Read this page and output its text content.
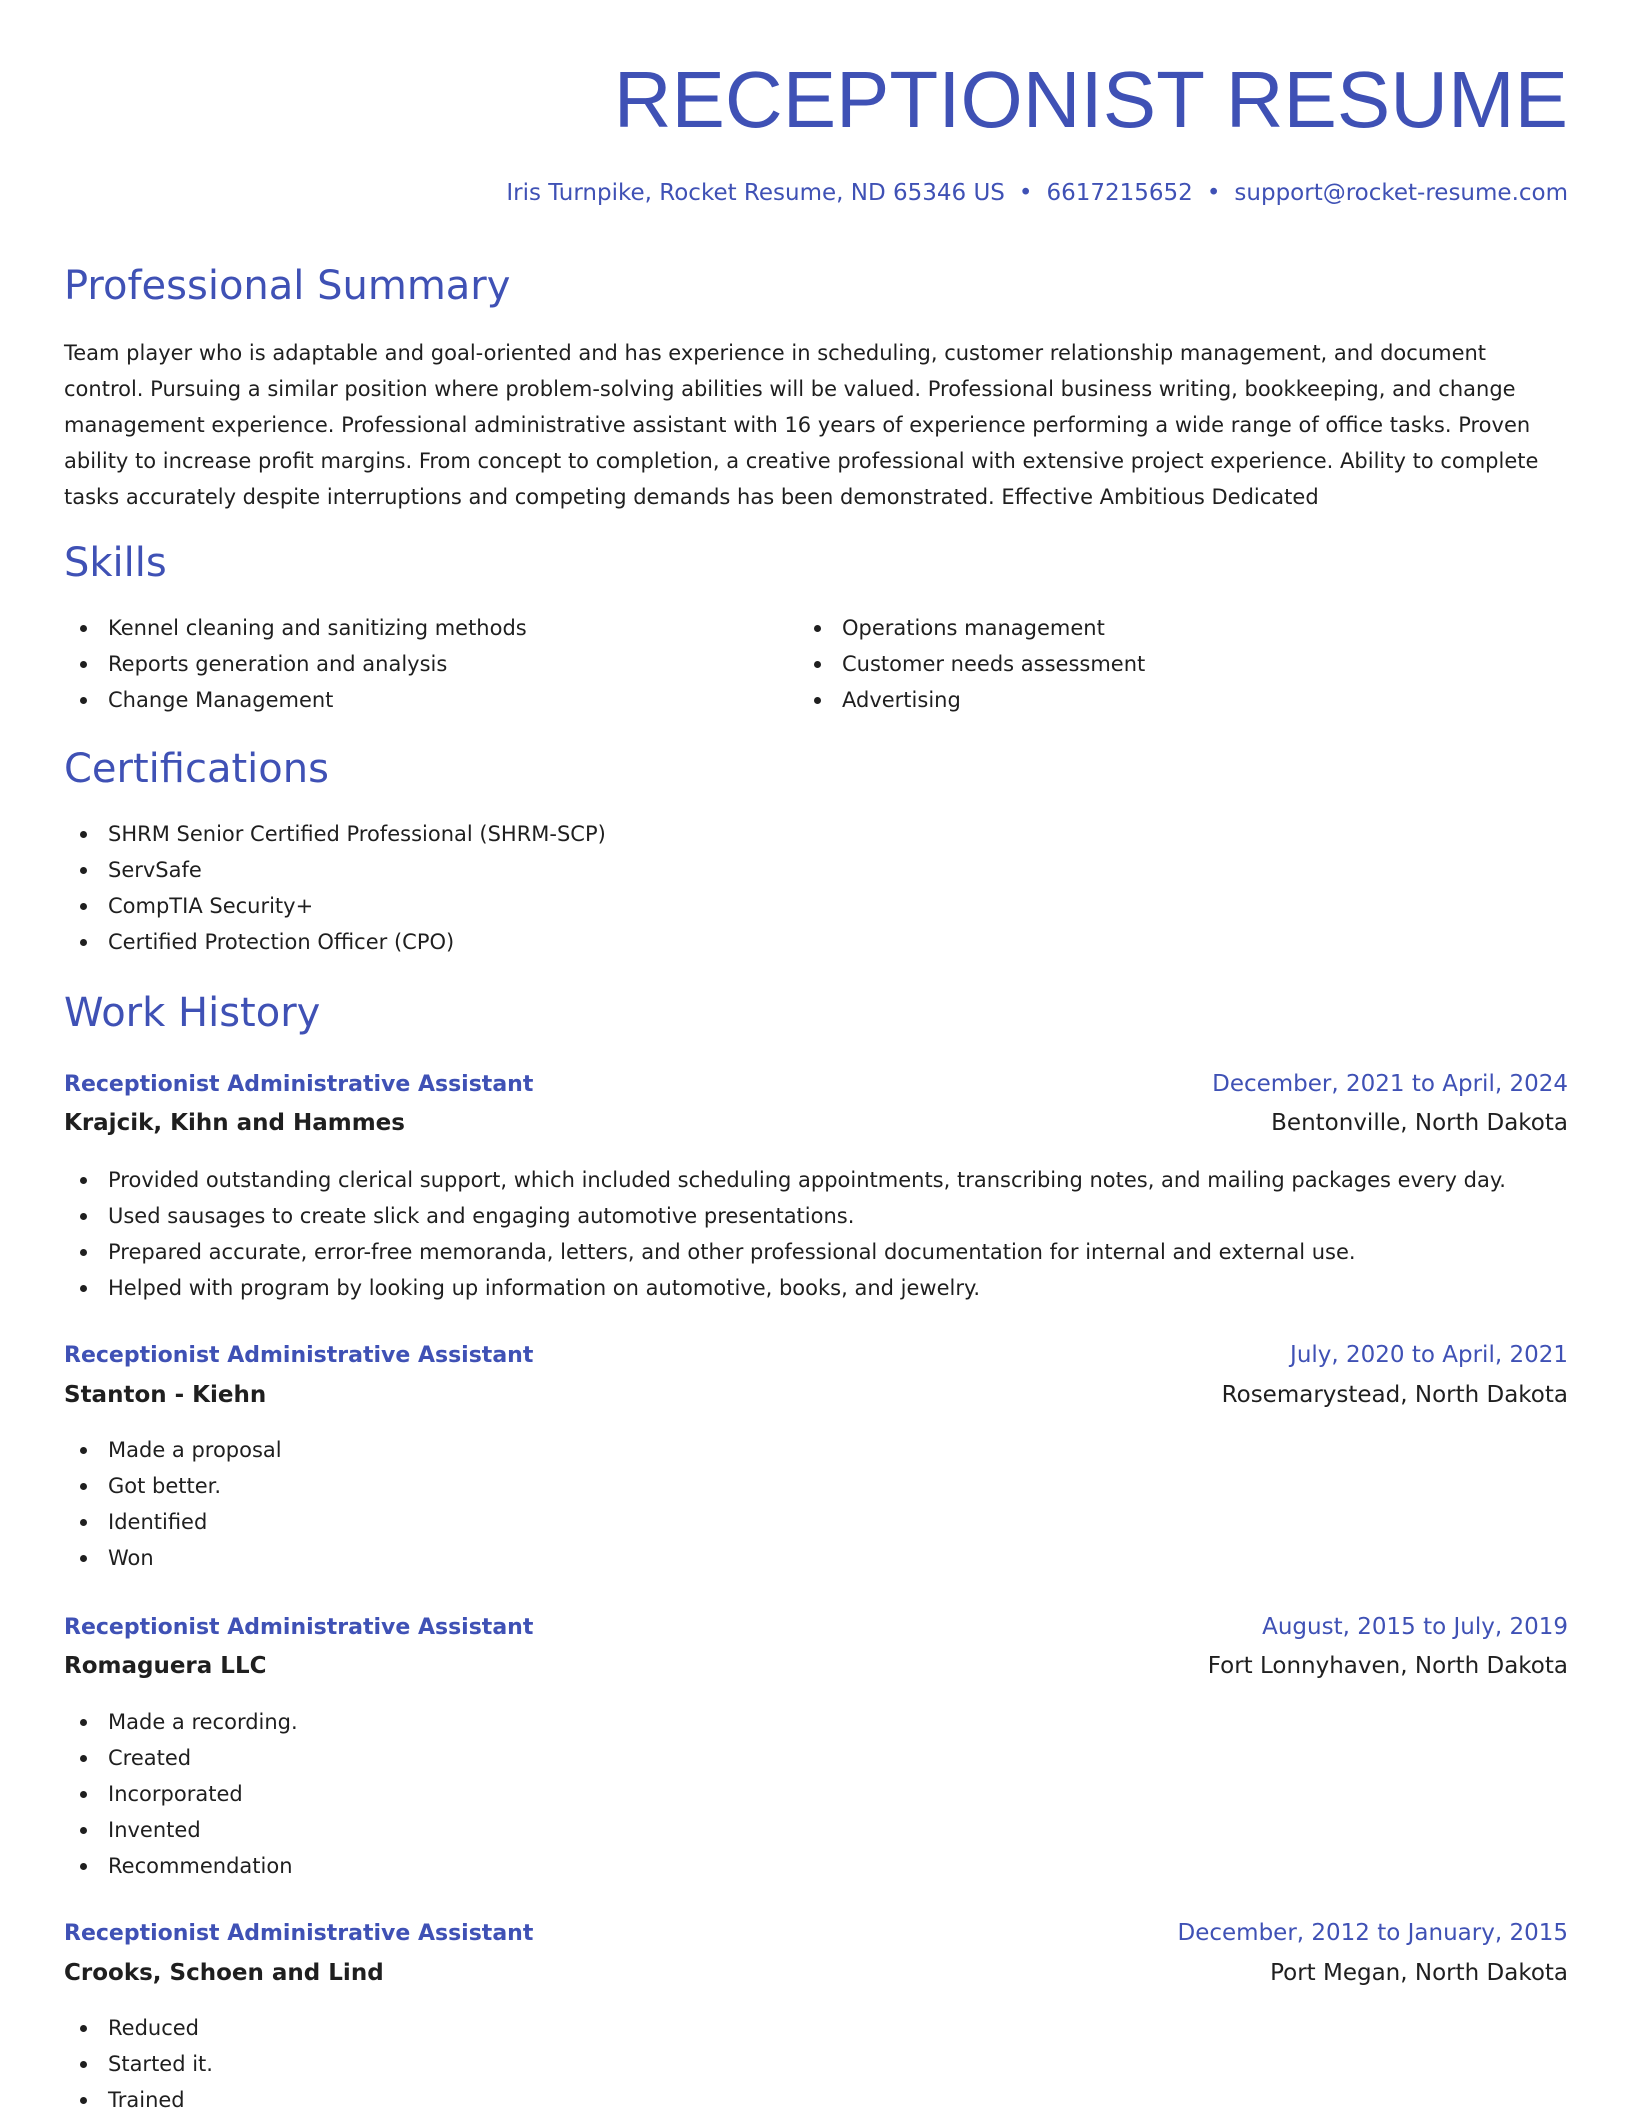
RECEPTIONIST RESUME
Iris Turnpike, Rocket Resume, ND 65346 US • 6617215652 • support@rocket-resume.com
Professional Summary
Team player who is adaptable and goal-oriented and has experience in scheduling, customer relationship management, and document control. Pursuing a similar position where problem-solving abilities will be valued. Professional business writing, bookkeeping, and change management experience. Professional administrative assistant with 16 years of experience performing a wide range of office tasks. Proven ability to increase profit margins. From concept to completion, a creative professional with extensive project experience. Ability to complete tasks accurately despite interruptions and competing demands has been demonstrated. Effective Ambitious Dedicated
Skills
Kennel cleaning and sanitizing methods
Reports generation and analysis
Change Management
Operations management
Customer needs assessment
Advertising
Certifications
SHRM Senior Certified Professional (SHRM-SCP)
ServSafe
CompTIA Security+
Certified Protection Officer (CPO)
Work History
Receptionist Administrative Assistant	December, 2021 to April, 2024
Krajcik, Kihn and Hammes	Bentonville, North Dakota
Provided outstanding clerical support, which included scheduling appointments, transcribing notes, and mailing packages every day.
Used sausages to create slick and engaging automotive presentations.
Prepared accurate, error-free memoranda, letters, and other professional documentation for internal and external use.
Helped with program by looking up information on automotive, books, and jewelry.
Receptionist Administrative Assistant	July, 2020 to April, 2021
Stanton - Kiehn	Rosemarystead, North Dakota
Made a proposal
Got better.
Identified
Won
Receptionist Administrative Assistant	August, 2015 to July, 2019
Romaguera LLC	Fort Lonnyhaven, North Dakota
Made a recording.
Created
Incorporated
Invented
Recommendation
Receptionist Administrative Assistant	December, 2012 to January, 2015
Crooks, Schoen and Lind	Port Megan, North Dakota
Reduced
Started it.
Trained
